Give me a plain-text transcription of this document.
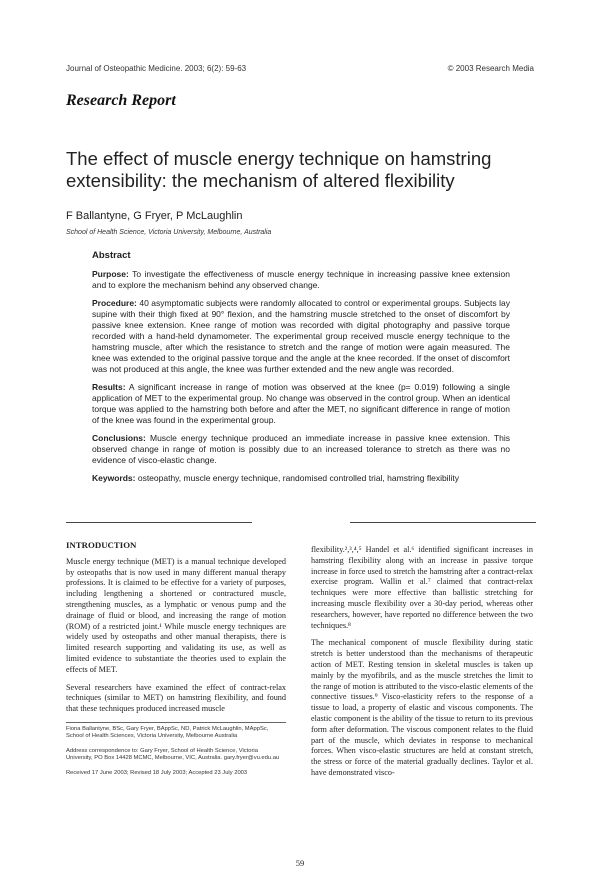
Journal of Osteopathic Medicine. 2003; 6(2): 59-63	© 2003 Research Media
Research Report
The effect of muscle energy technique on hamstring extensibility: the mechanism of altered flexibility
F Ballantyne, G Fryer, P McLaughlin
School of Health Science, Victoria University, Melbourne, Australia
Abstract

Purpose: To investigate the effectiveness of muscle energy technique in increasing passive knee extension and to explore the mechanism behind any observed change.

Procedure: 40 asymptomatic subjects were randomly allocated to control or experimental groups. Subjects lay supine with their thigh fixed at 90° flexion, and the hamstring muscle stretched to the onset of discomfort by passive knee extension. Knee range of motion was recorded with digital photography and passive torque recorded with a hand-held dynamometer. The experimental group received muscle energy technique to the hamstring muscle, after which the resistance to stretch and the range of motion were again measured. The knee was extended to the original passive torque and the angle at the knee recorded. If the onset of discomfort was not produced at this angle, the knee was further extended and the new angle was recorded.

Results: A significant increase in range of motion was observed at the knee (p= 0.019) following a single application of MET to the experimental group. No change was observed in the control group. When an identical torque was applied to the hamstring both before and after the MET, no significant difference in range of motion of the knee was found in the experimental group.

Conclusions: Muscle energy technique produced an immediate increase in passive knee extension. This observed change in range of motion is possibly due to an increased tolerance to stretch as there was no evidence of visco-elastic change.

Keywords: osteopathy, muscle energy technique, randomised controlled trial, hamstring flexibility

INTRODUCTION

Muscle energy technique (MET) is a manual technique developed by osteopaths that is now used in many different manual therapy professions. It is claimed to be effective for a variety of purposes, including lengthening a shortened or contractured muscle, strengthening muscles, as a lymphatic or venous pump and the drainage of fluid or blood, and increasing the range of motion (ROM) of a restricted joint.¹ While muscle energy techniques are widely used by osteopaths and other manual therapists, there is limited research supporting and validating its use, as well as limited evidence to substantiate the theories used to explain the effects of MET.

Several researchers have examined the effect of contract-relax techniques (similar to MET) on hamstring flexibility, and found that these techniques produced increased muscle

Fiona Ballantyne, BSc, Gary Fryer, BAppSc, ND, Patrick McLaughlin, MAppSc, School of Health Sciences, Victoria University, Melbourne Australia

Address correspondence to: Gary Fryer, School of Health Science, Victoria University, PO Box 14428 MCMC, Melbourne, VIC, Australia. gary.fryer@vu.edu.au

Received 17 June 2003; Revised 18 July 2003; Accepted 23 July 2003

flexibility.²,³,⁴,⁵ Handel et al.⁶ identified significant increases in hamstring flexibility along with an increase in passive torque increase in force used to stretch the hamstring after a contract-relax exercise program. Wallin et al.⁷ claimed that contract-relax techniques were more effective than ballistic stretching for increasing muscle flexibility over a 30-day period, whereas other researchers, however, have reported no difference between the two techniques.⁸

The mechanical component of muscle flexibility during static stretch is better understood than the mechanisms of therapeutic action of MET. Resting tension in skeletal muscles is taken up mainly by the myofibrils, and as the muscle stretches the limit to the range of motion is attributed to the visco-elastic elements of the connective tissues.⁹ Visco-elasticity refers to the response of a tissue to load, a property of elastic and viscous components. The elastic component is the ability of the tissue to return to its previous form after deformation. The viscous component relates to the fluid part of the muscle, which deviates in response to mechanical forces. When visco-elastic structures are held at constant stretch, the stress or force of the material gradually declines. Taylor et al. have demonstrated visco-

59
